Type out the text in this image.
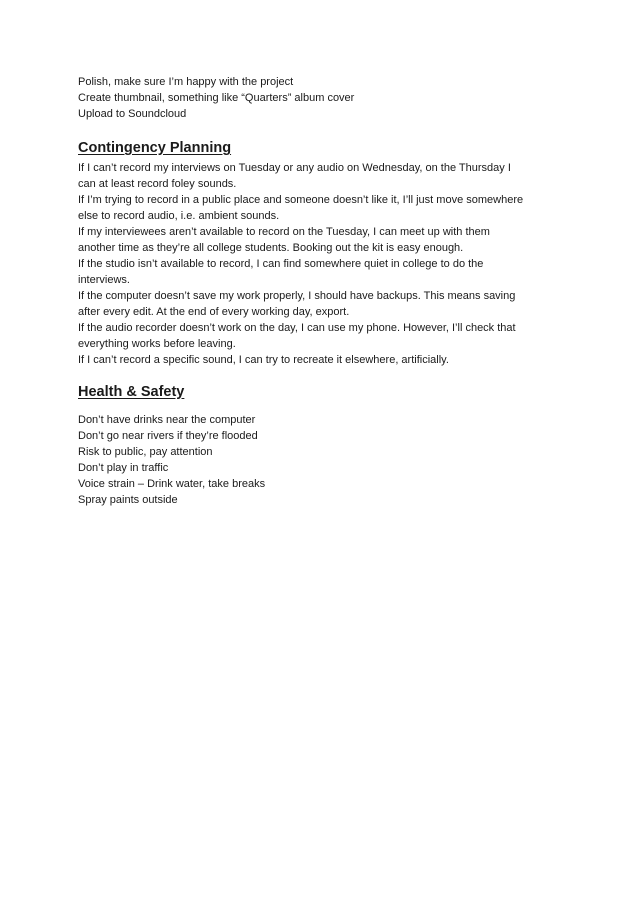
Polish, make sure I’m happy with the project

Create thumbnail, something like “Quarters” album cover

Upload to Soundcloud

Contingency Planning

If I can’t record my interviews on Tuesday or any audio on Wednesday, on the Thursday I

can at least record foley sounds.

If I’m trying to record in a public place and someone doesn’t like it, I’ll just move somewhere

else to record audio, i.e. ambient sounds.

If my interviewees aren’t available to record on the Tuesday, I can meet up with them

another time as they’re all college students. Booking out the kit is easy enough.

If the studio isn’t available to record, I can find somewhere quiet in college to do the

interviews.

If the computer doesn’t save my work properly, I should have backups. This means saving

after every edit. At the end of every working day, export.

If the audio recorder doesn’t work on the day, I can use my phone. However, I’ll check that

everything works before leaving.

If I can’t record a specific sound, I can try to recreate it elsewhere, artificially.

Health & Safety

Don’t have drinks near the computer

Don’t go near rivers if they’re flooded

Risk to public, pay attention

Don’t play in traffic

Voice strain – Drink water, take breaks

Spray paints outside
